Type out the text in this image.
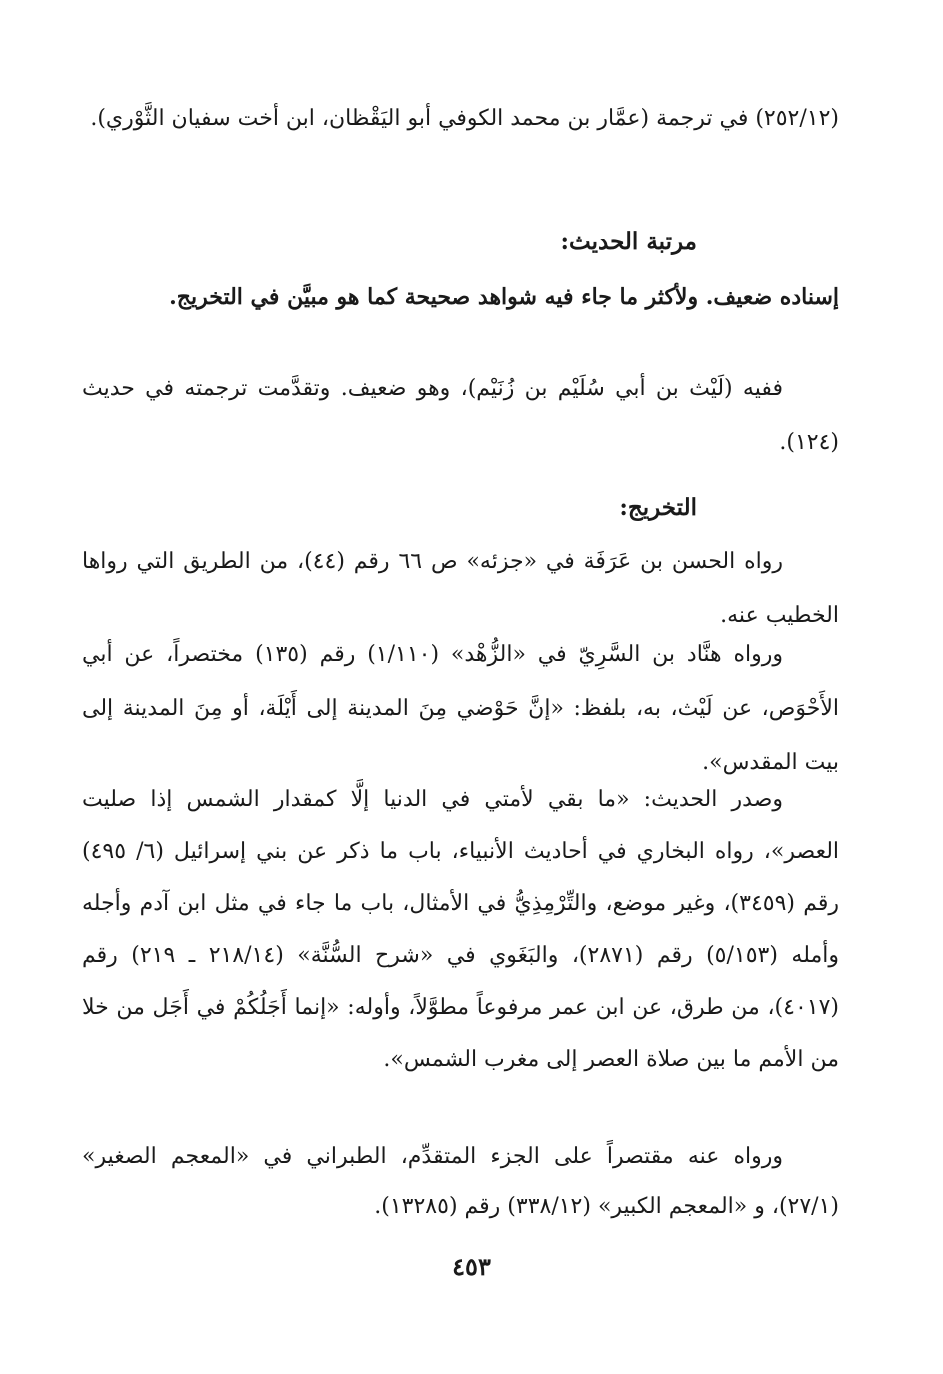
(٢٥٢/١٢) في ترجمة (عمَّار بن محمد الكوفي أبو اليَقْظان، ابن أخت سفيان الثَّوْري).

مرتبة الحديث:

إسناده ضعيف. ولأكثر ما جاء فيه شواهد صحيحة كما هو مبيَّن في التخريج.

ففيه (لَيْث بن أبي سُلَيْم بن زُنَيْم)، وهو ضعيف. وتقدَّمت ترجمته في حديث (١٢٤).

التخريج:

رواه الحسن بن عَرَفَة في «جزئه» ص ٦٦ رقم (٤٤)، من الطريق التي رواها الخطيب عنه.

ورواه هنَّاد بن السَّرِيّ في «الزُّهْد» (١/١١٠) رقم (١٣٥) مختصراً، عن أبي الأَحْوَص، عن لَيْث، به، بلفظ: «إنَّ حَوْضي مِنَ المدينة إلى أَيْلَة، أو مِنَ المدينة إلى بيت المقدس».

وصدر الحديث: «ما بقي لأمتي في الدنيا إلَّا كمقدار الشمس إذا صليت العصر»، رواه البخاري في أحاديث الأنبياء، باب ما ذكر عن بني إسرائيل (٦/ ٤٩٥) رقم (٣٤٥٩)، وغير موضع، والتِّرْمِذِيُّ في الأمثال، باب ما جاء في مثل ابن آدم وأجله وأمله (٥/١٥٣) رقم (٢٨٧١)، والبَغَوي في «شرح السُّنَّة» (٢١٨/١٤ ـ ٢١٩) رقم (٤٠١٧)، من طرق، عن ابن عمر مرفوعاً مطوَّلاً، وأوله: «إنما أَجَلُكُمْ في أَجَل من خلا من الأمم ما بين صلاة العصر إلى مغرب الشمس».

ورواه عنه مقتصراً على الجزء المتقدِّم، الطبراني في «المعجم الصغير» (٢٧/١)، و «المعجم الكبير» (٣٣٨/١٢) رقم (١٣٢٨٥).

٤٥٣
